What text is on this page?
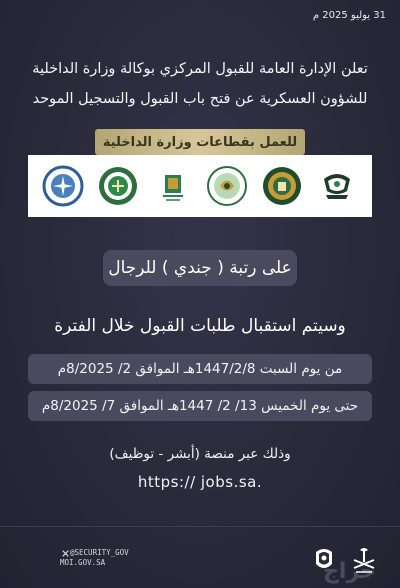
31 يوليو 2025 م
تعلن الإدارة العامة للقبول المركزي بوكالة وزارة الداخلية
للشؤون العسكرية عن فتح باب القبول والتسجيل الموحد
للعمل بقطاعات وزارة الداخلية
على رتبة ( جندي ) للرجال
وسيتم استقبال طلبات القبول خلال الفترة
من يوم السبت 1447/2/8هـ الموافق 2/ 8/2025م
حتى يوم الخميس 13/ 2/ 1447هـ الموافق 7/ 8/2025م
وذلك عبر منصة (أبشر - توظيف)
https:// jobs.sa.
@SECURITY_GOV
MOI.GOV.SA	حراج
